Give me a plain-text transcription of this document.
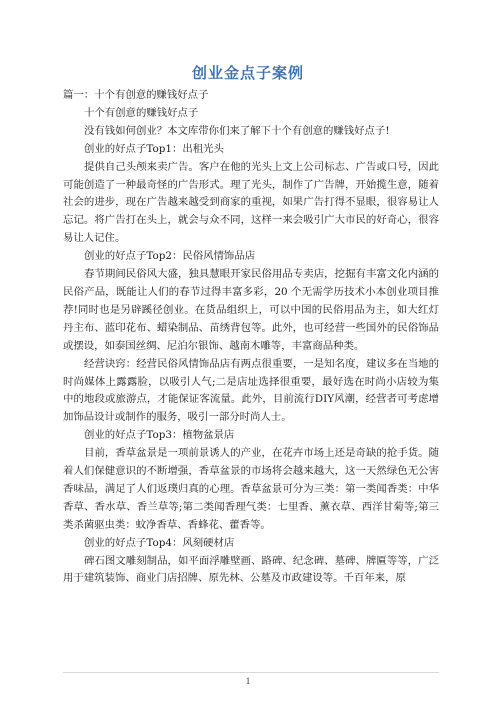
创业金点子案例

篇一：十个有创意的赚钱好点子

十个有创意的赚钱好点子

没有钱如何创业？本文库带你们来了解下十个有创意的赚钱好点子!

创业的好点子Top1：出租光头

提供自己头颅来卖广告。客户在他的光头上文上公司标志、广告或口号，因此可能创造了一种最奇怪的广告形式。理了光头，制作了广告牌，开始揽生意，随着社会的进步，现在广告越来越受到商家的重视，如果广告打得不显眼，很容易让人忘记。将广告打在头上，就会与众不同，这样一来会吸引广大市民的好奇心，很容易让人记住。

创业的好点子Top2：民俗风情饰品店

春节期间民俗风大盛，独具慧眼开家民俗用品专卖店，挖掘有丰富文化内涵的民俗产品，既能让人们的春节过得丰富多彩，20 个无需学历技术小本创业项目推荐!同时也是另辟蹊径创业。在货品组织上，可以中国的民俗用品为主，如大红灯丹主布、蓝印花布、蜡染制品、苗绣背包等。此外，也可经营一些国外的民俗饰品或摆设，如泰国丝绸、尼泊尔银饰、越南木雕等，丰富商品种类。

经营诀窍：经营民俗风情饰品店有两点很重要，一是知名度，建议多在当地的时尚媒体上露露脸，以吸引人气;二是店址选择很重要，最好选在时尚小店较为集中的地段或旅游点，才能保证客流量。此外，目前流行DIY风潮，经营者可考虑增加饰品设计或制作的服务，吸引一部分时尚人士。

创业的好点子Top3：植物盆景店

目前，香草盆景是一项前景诱人的产业，在花卉市场上还是奇缺的抢手货。随着人们保健意识的不断增强，香草盆景的市场将会越来越大，这一天然绿色无公害香味品，满足了人们返璞归真的心理。香草盆景可分为三类：第一类闻香类：中华香草、香水草、香兰草等;第二类闻香理气类：七里香、薰衣草、西洋甘菊等;第三类杀菌驱虫类：蚊净香草、香蜂花、藿香等。

创业的好点子Top4：风刻硬材店

碑石图文雕刻制品，如平面浮雕壁画、路碑、纪念碑、墓碑、牌匾等等，广泛用于建筑装饰、商业门店招牌、原先林、公墓及市政建设等。千百年来，原

1
